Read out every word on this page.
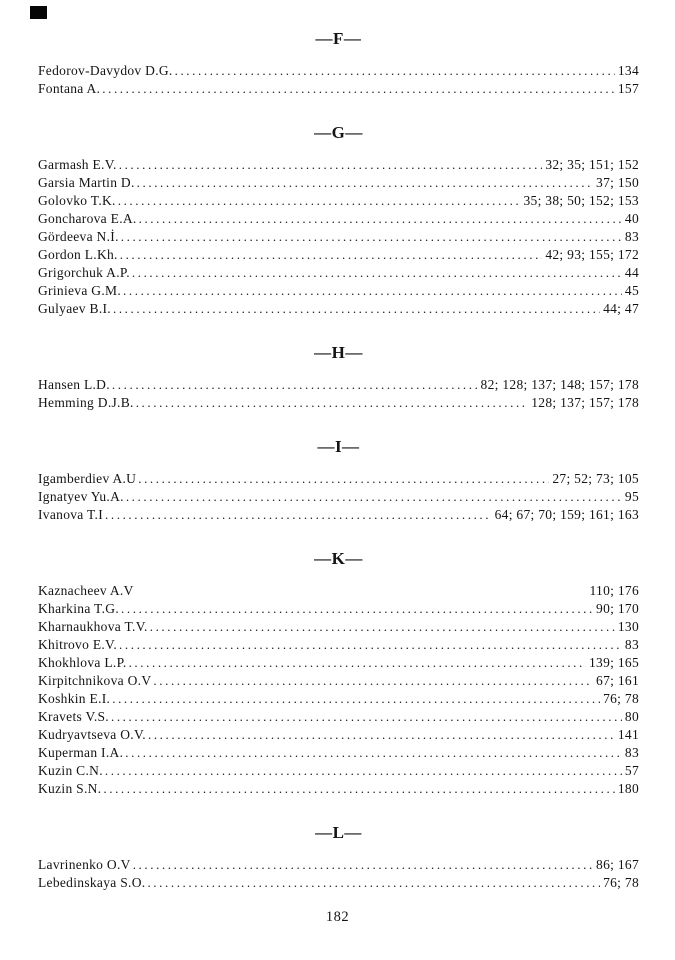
—F—
Fedorov-Davydov D.G. .....	134
Fontana A. .....	157
—G—
Garmash E.V. .....	32; 35; 151; 152
Garsia Martin D. .....	37; 150
Golovko T.K. .....	35; 38; 50; 152; 153
Goncharova E.A. .....	40
Gördeeva N.İ. .....	83
Gordon L.Kh. .....	42; 93; 155; 172
Grigorchuk A.P. .....	44
Grinieva G.M. .....	45
Gulyaev B.I. .....	44; 47
—H—
Hansen L.D. .....	82; 128; 137; 148; 157; 178
Hemming D.J.B. .....	128; 137; 157; 178
—I—
Igamberdiev A.U .....	27; 52; 73; 105
Ignatyev Yu.A. .....	95
Ivanova T.I .....	64; 67; 70; 159; 161; 163
—K—
Kaznacheev A.V	110; 176
Kharkina T.G. .....	90; 170
Kharnaukhova T.V. .....	130
Khitrovo E.V. .....	83
Khokhlova L.P. .....	139; 165
Kirpitchnikova O.V .....	67; 161
Koshkin E.I. .....	76; 78
Kravets V.S. .....	80
Kudryavtseva O.V. .....	141
Kuperman I.A. .....	83
Kuzin C.N. .....	57
Kuzin S.N. .....	180
—L—
Lavrinenko O.V .....	86; 167
Lebedinskaya S.O. .....	76; 78
182
